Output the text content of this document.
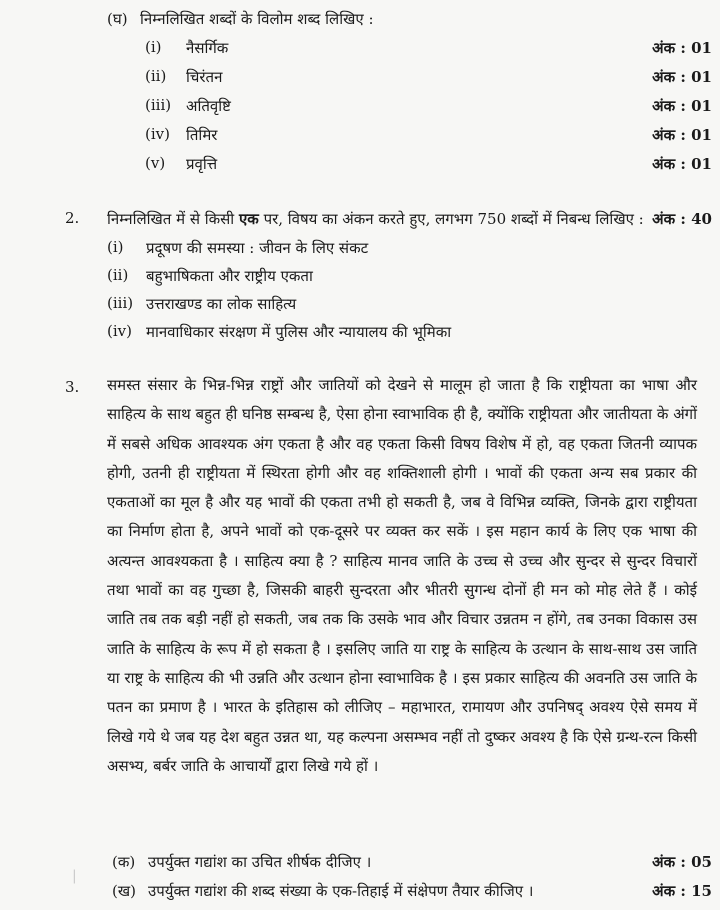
(घ) निम्नलिखित शब्दों के विलोम शब्द लिखिए :
(i) नैसर्गिक	अंक : 01
(ii) चिरंतन	अंक : 01
(iii) अतिवृष्टि	अंक : 01
(iv) तिमिर	अंक : 01
(v) प्रवृत्ति	अंक : 01
2. निम्नलिखित में से किसी एक पर, विषय का अंकन करते हुए, लगभग 750 शब्दों में निबन्ध लिखिए : अंक : 40
(i) प्रदूषण की समस्या : जीवन के लिए संकट
(ii) बहुभाषिकता और राष्ट्रीय एकता
(iii) उत्तराखण्ड का लोक साहित्य
(iv) मानवाधिकार संरक्षण में पुलिस और न्यायालय की भूमिका
3. समस्त संसार के भिन्न-भिन्न राष्ट्रों और जातियों को देखने से मालूम हो जाता है कि राष्ट्रीयता का भाषा और साहित्य के साथ बहुत ही घनिष्ठ सम्बन्ध है, ऐसा होना स्वाभाविक ही है, क्योंकि राष्ट्रीयता और जातीयता के अंगों में सबसे अधिक आवश्यक अंग एकता है और वह एकता किसी विषय विशेष में हो, वह एकता जितनी व्यापक होगी, उतनी ही राष्ट्रीयता में स्थिरता होगी और वह शक्तिशाली होगी । भावों की एकता अन्य सब प्रकार की एकताओं का मूल है और यह भावों की एकता तभी हो सकती है, जब वे विभिन्न व्यक्ति, जिनके द्वारा राष्ट्रीयता का निर्माण होता है, अपने भावों को एक-दूसरे पर व्यक्त कर सकें । इस महान कार्य के लिए एक भाषा की अत्यन्त आवश्यकता है । साहित्य क्या है ? साहित्य मानव जाति के उच्च से उच्च और सुन्दर से सुन्दर विचारों तथा भावों का वह गुच्छा है, जिसकी बाहरी सुन्दरता और भीतरी सुगन्ध दोनों ही मन को मोह लेते हैं । कोई जाति तब तक बड़ी नहीं हो सकती, जब तक कि उसके भाव और विचार उन्नतम न होंगे, तब उनका विकास उस जाति के साहित्य के रूप में हो सकता है । इसलिए जाति या राष्ट्र के साहित्य के उत्थान के साथ-साथ उस जाति या राष्ट्र के साहित्य की भी उन्नति और उत्थान होना स्वाभाविक है । इस प्रकार साहित्य की अवनति उस जाति के पतन का प्रमाण है । भारत के इतिहास को लीजिए – महाभारत, रामायण और उपनिषद् अवश्य ऐसे समय में लिखे गये थे जब यह देश बहुत उन्नत था, यह कल्पना असम्भव नहीं तो दुष्कर अवश्य है कि ऐसे ग्रन्थ-रत्न किसी असभ्य, बर्बर जाति के आचार्यों द्वारा लिखे गये हों ।
|
(क) उपर्युक्त गद्यांश का उचित शीर्षक दीजिए ।	अंक : 05
(ख) उपर्युक्त गद्यांश की शब्द संख्या के एक-तिहाई में संक्षेपण तैयार कीजिए ।	अंक : 15
